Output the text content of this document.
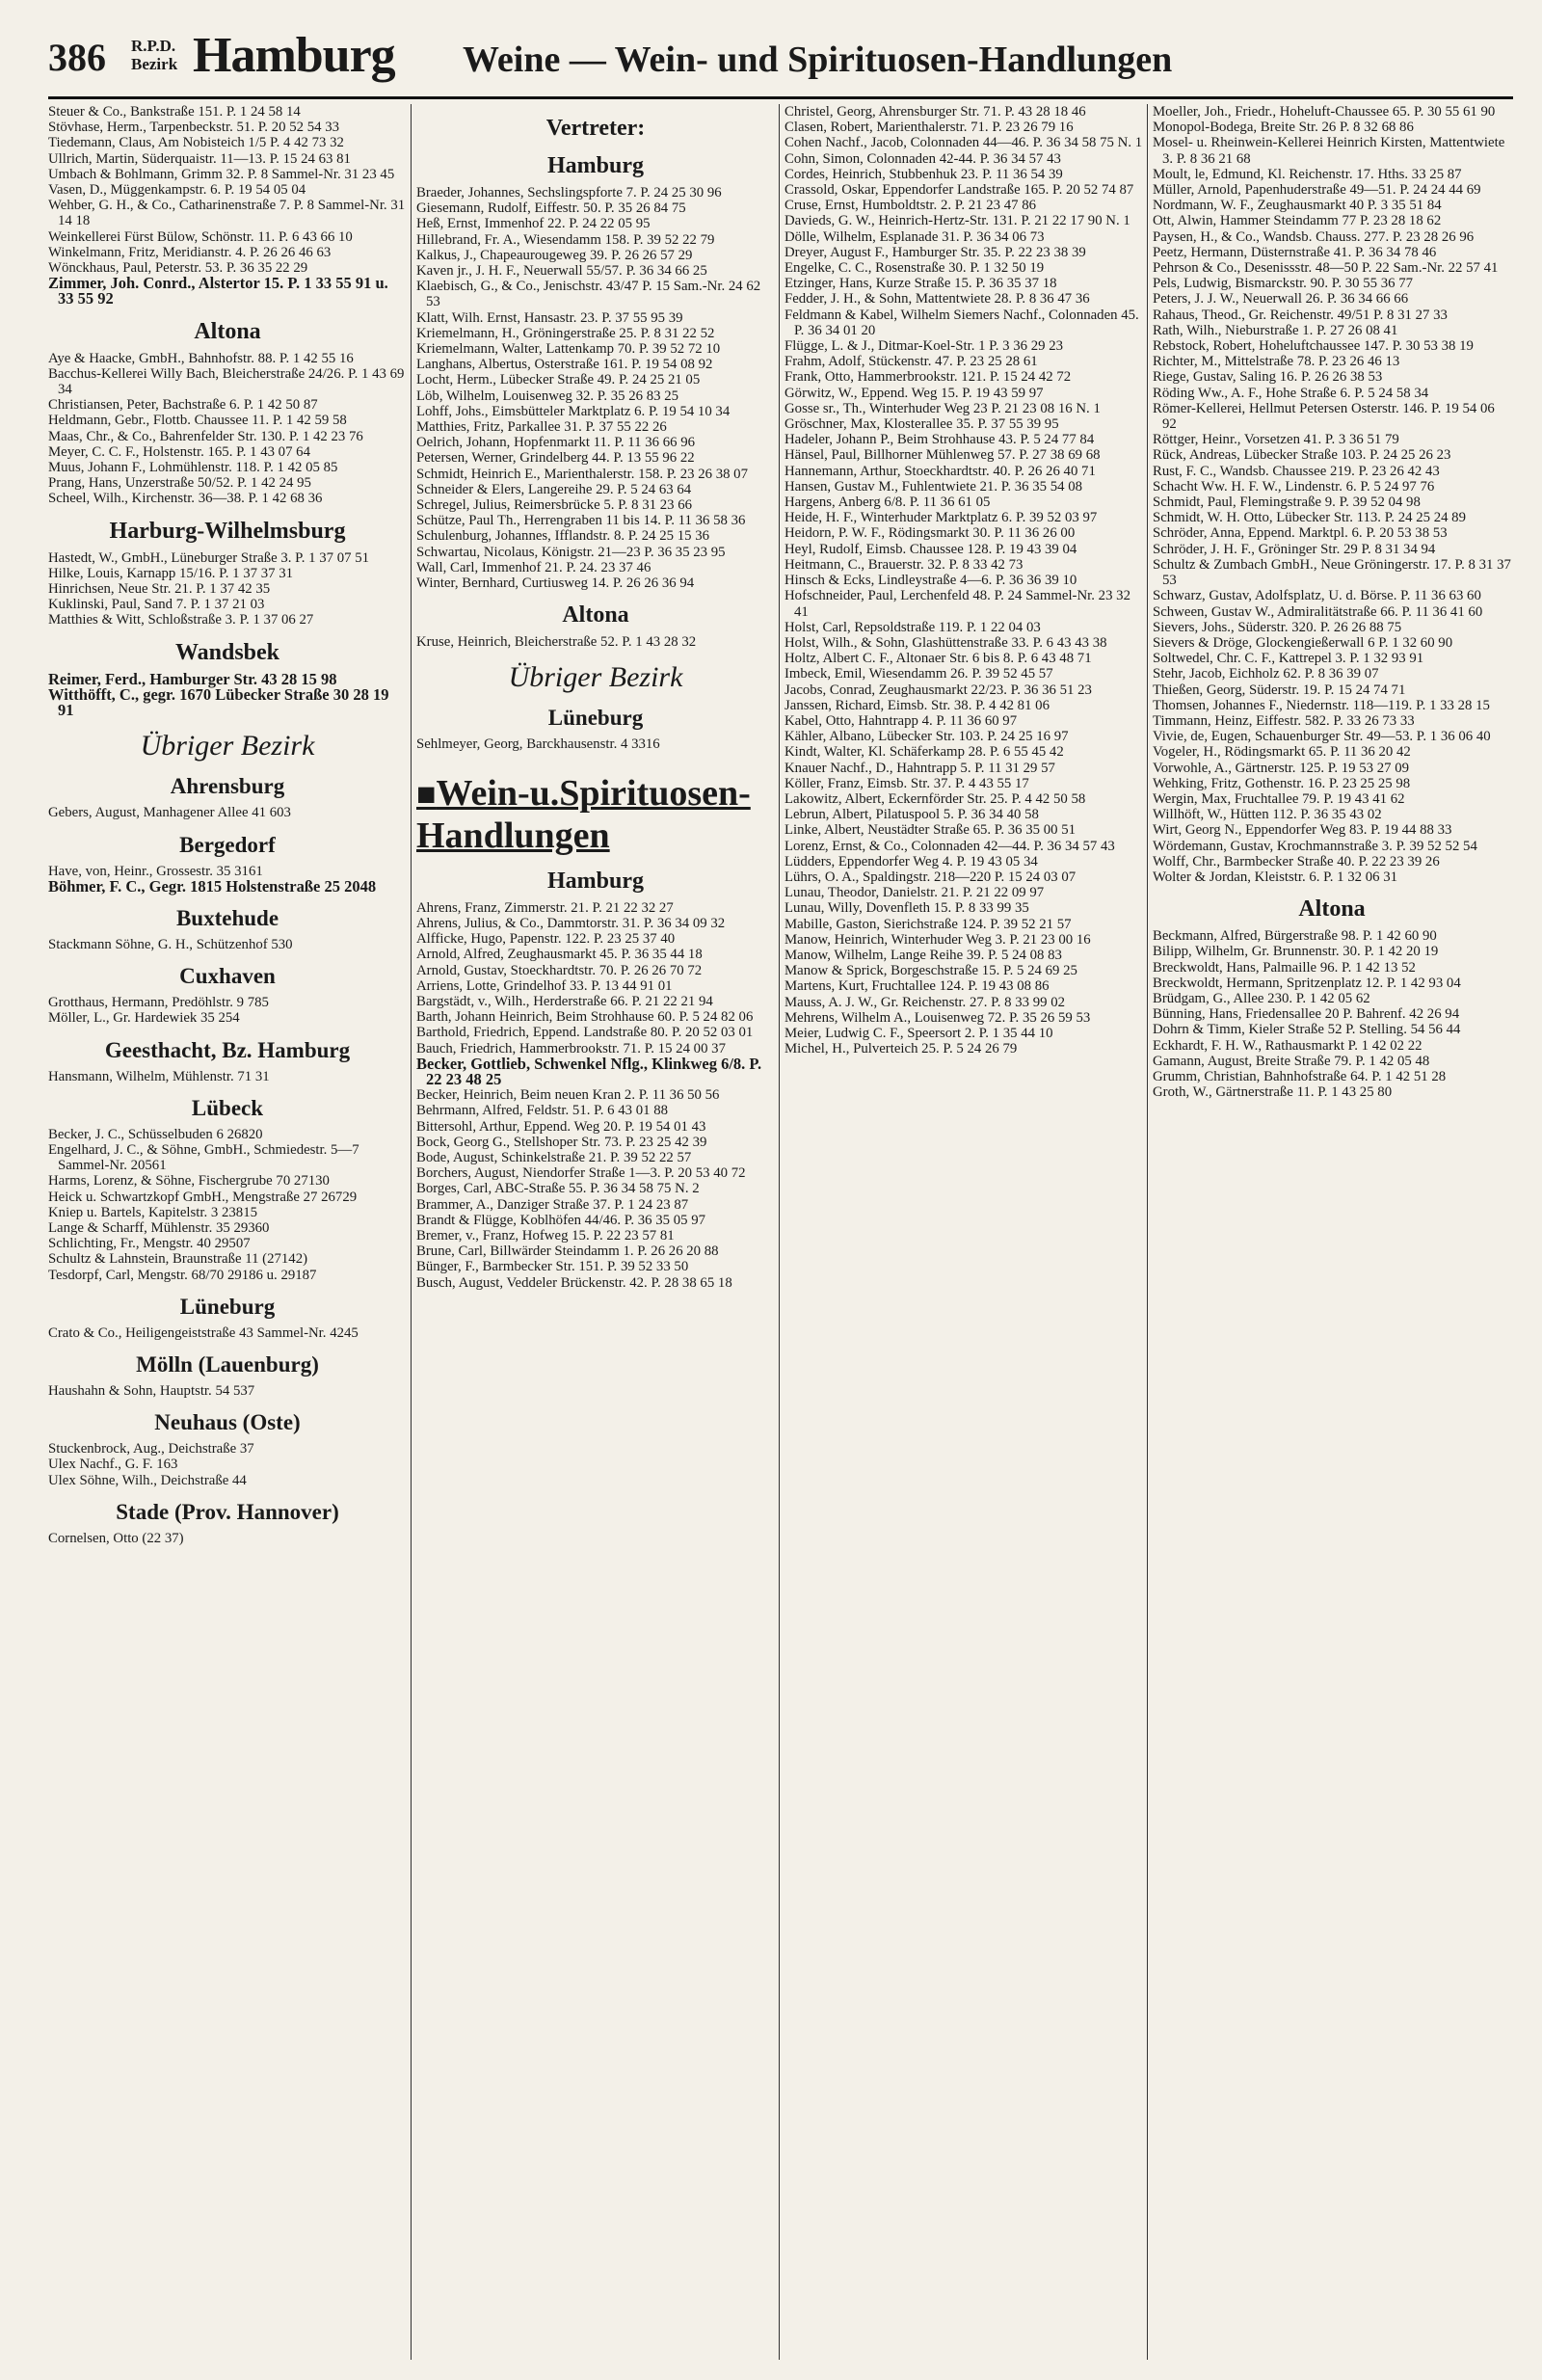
386 R.P.D.
Bezirk Hamburg Weine — Wein- und Spirituosen-Handlungen

Steuer & Co., Bankstraße 151. P. 1 24 58 14

Stövhase, Herm., Tarpenbeckstr. 51. P. 20 52 54 33

Tiedemann, Claus, Am Nobisteich 1/5 P. 4 42 73 32

Ullrich, Martin, Süderquaistr. 11—13. P. 15 24 63 81

Umbach & Bohlmann, Grimm 32. P. 8 Sammel-Nr. 31 23 45

Vasen, D., Müggenkampstr. 6. P. 19 54 05 04

Wehber, G. H., & Co., Catharinenstraße 7. P. 8 Sammel-Nr. 31 14 18

Weinkellerei Fürst Bülow, Schönstr. 11. P. 6 43 66 10

Winkelmann, Fritz, Meridianstr. 4. P. 26 26 46 63

Wönckhaus, Paul, Peterstr. 53. P. 36 35 22 29

Zimmer, Joh. Conrd., Alstertor 15. P. 1 33 55 91 u. 33 55 92

Altona

Aye & Haacke, GmbH., Bahnhofstr. 88. P. 1 42 55 16

Bacchus-Kellerei Willy Bach, Bleicherstraße 24/26. P. 1 43 69 34

Christiansen, Peter, Bachstraße 6. P. 1 42 50 87

Heldmann, Gebr., Flottb. Chaussee 11. P. 1 42 59 58

Maas, Chr., & Co., Bahrenfelder Str. 130. P. 1 42 23 76

Meyer, C. C. F., Holstenstr. 165. P. 1 43 07 64

Muus, Johann F., Lohmühlenstr. 118. P. 1 42 05 85

Prang, Hans, Unzerstraße 50/52. P. 1 42 24 95

Scheel, Wilh., Kirchenstr. 36—38. P. 1 42 68 36

Harburg-Wilhelmsburg

Hastedt, W., GmbH., Lüneburger Straße 3. P. 1 37 07 51

Hilke, Louis, Karnapp 15/16. P. 1 37 37 31

Hinrichsen, Neue Str. 21. P. 1 37 42 35

Kuklinski, Paul, Sand 7. P. 1 37 21 03

Matthies & Witt, Schloßstraße 3. P. 1 37 06 27

Wandsbek

Reimer, Ferd., Hamburger Str. 43 28 15 98

Witthöfft, C., gegr. 1670 Lübecker Straße 30 28 19 91

Übriger Bezirk

Ahrensburg

Gebers, August, Manhagener Allee 41 603

Bergedorf

Have, von, Heinr., Grossestr. 35 3161

Böhmer, F. C., Gegr. 1815 Holstenstraße 25 2048

Buxtehude

Stackmann Söhne, G. H., Schützenhof 530

Cuxhaven

Grotthaus, Hermann, Predöhlstr. 9 785

Möller, L., Gr. Hardewiek 35 254

Geesthacht, Bz. Hamburg

Hansmann, Wilhelm, Mühlenstr. 71 31

Lübeck

Becker, J. C., Schüsselbuden 6 26820

Engelhard, J. C., & Söhne, GmbH., Schmiedestr. 5—7 Sammel-Nr. 20561

Harms, Lorenz, & Söhne, Fischergrube 70 27130

Heick u. Schwartzkopf GmbH., Mengstraße 27 26729

Kniep u. Bartels, Kapitelstr. 3 23815

Lange & Scharff, Mühlenstr. 35 29360

Schlichting, Fr., Mengstr. 40 29507

Schultz & Lahnstein, Braunstraße 11 (27142)

Tesdorpf, Carl, Mengstr. 68/70 29186 u. 29187

Lüneburg

Crato & Co., Heiligengeiststraße 43 Sammel-Nr. 4245

Mölln (Lauenburg)

Haushahn & Sohn, Hauptstr. 54 537

Neuhaus (Oste)

Stuckenbrock, Aug., Deichstraße 37

Ulex Nachf., G. F. 163

Ulex Söhne, Wilh., Deichstraße 44

Stade (Prov. Hannover)

Cornelsen, Otto (22 37)

Vertreter:

Hamburg

Braeder, Johannes, Sechslingspforte 7. P. 24 25 30 96

Giesemann, Rudolf, Eiffestr. 50. P. 35 26 84 75

Heß, Ernst, Immenhof 22. P. 24 22 05 95

Hillebrand, Fr. A., Wiesendamm 158. P. 39 52 22 79

Kalkus, J., Chapeaurougeweg 39. P. 26 26 57 29

Kaven jr., J. H. F., Neuerwall 55/57. P. 36 34 66 25

Klaebisch, G., & Co., Jenischstr. 43/47 P. 15 Sam.-Nr. 24 62 53

Klatt, Wilh. Ernst, Hansastr. 23. P. 37 55 95 39

Kriemelmann, H., Gröningerstraße 25. P. 8 31 22 52

Kriemelmann, Walter, Lattenkamp 70. P. 39 52 72 10

Langhans, Albertus, Osterstraße 161. P. 19 54 08 92

Locht, Herm., Lübecker Straße 49. P. 24 25 21 05

Löb, Wilhelm, Louisenweg 32. P. 35 26 83 25

Lohff, Johs., Eimsbütteler Marktplatz 6. P. 19 54 10 34

Matthies, Fritz, Parkallee 31. P. 37 55 22 26

Oelrich, Johann, Hopfenmarkt 11. P. 11 36 66 96

Petersen, Werner, Grindelberg 44. P. 13 55 96 22

Schmidt, Heinrich E., Marienthalerstr. 158. P. 23 26 38 07

Schneider & Elers, Langereihe 29. P. 5 24 63 64

Schregel, Julius, Reimersbrücke 5. P. 8 31 23 66

Schütze, Paul Th., Herrengraben 11 bis 14. P. 11 36 58 36

Schulenburg, Johannes, Ifflandstr. 8. P. 24 25 15 36

Schwartau, Nicolaus, Königstr. 21—23 P. 36 35 23 95

Wall, Carl, Immenhof 21. P. 24. 23 37 46

Winter, Bernhard, Curtiusweg 14. P. 26 26 36 94

Altona

Kruse, Heinrich, Bleicherstraße 52. P. 1 43 28 32

Übriger Bezirk

Lüneburg

Sehlmeyer, Georg, Barckhausenstr. 4 3316

■ Wein-u.Spirituosen-Handlungen

Hamburg

Ahrens, Franz, Zimmerstr. 21. P. 21 22 32 27

Ahrens, Julius, & Co., Dammtorstr. 31. P. 36 34 09 32

Alfficke, Hugo, Papenstr. 122. P. 23 25 37 40

Arnold, Alfred, Zeughausmarkt 45. P. 36 35 44 18

Arnold, Gustav, Stoeckhardtstr. 70. P. 26 26 70 72

Arriens, Lotte, Grindelhof 33. P. 13 44 91 01

Bargstädt, v., Wilh., Herderstraße 66. P. 21 22 21 94

Barth, Johann Heinrich, Beim Strohhause 60. P. 5 24 82 06

Barthold, Friedrich, Eppend. Landstraße 80. P. 20 52 03 01

Bauch, Friedrich, Hammerbrookstr. 71. P. 15 24 00 37

Becker, Gottlieb, Schwenkel Nflg., Klinkweg 6/8. P. 22 23 48 25

Becker, Heinrich, Beim neuen Kran 2. P. 11 36 50 56

Behrmann, Alfred, Feldstr. 51. P. 6 43 01 88

Bittersohl, Arthur, Eppend. Weg 20. P. 19 54 01 43

Bock, Georg G., Stellshoper Str. 73. P. 23 25 42 39

Bode, August, Schinkelstraße 21. P. 39 52 22 57

Borchers, August, Niendorfer Straße 1—3. P. 20 53 40 72

Borges, Carl, ABC-Straße 55. P. 36 34 58 75 N. 2

Brammer, A., Danziger Straße 37. P. 1 24 23 87

Brandt & Flügge, Koblhöfen 44/46. P. 36 35 05 97

Bremer, v., Franz, Hofweg 15. P. 22 23 57 81

Brune, Carl, Billwärder Steindamm 1. P. 26 26 20 88

Bünger, F., Barmbecker Str. 151. P. 39 52 33 50

Busch, August, Veddeler Brückenstr. 42. P. 28 38 65 18

Christel, Georg, Ahrensburger Str. 71. P. 43 28 18 46

Clasen, Robert, Marienthalerstr. 71. P. 23 26 79 16

Cohen Nachf., Jacob, Colonnaden 44—46. P. 36 34 58 75 N. 1

Cohn, Simon, Colonnaden 42-44. P. 36 34 57 43

Cordes, Heinrich, Stubbenhuk 23. P. 11 36 54 39

Crassold, Oskar, Eppendorfer Landstraße 165. P. 20 52 74 87

Cruse, Ernst, Humboldtstr. 2. P. 21 23 47 86

Davieds, G. W., Heinrich-Hertz-Str. 131. P. 21 22 17 90 N. 1

Dölle, Wilhelm, Esplanade 31. P. 36 34 06 73

Dreyer, August F., Hamburger Str. 35. P. 22 23 38 39

Engelke, C. C., Rosenstraße 30. P. 1 32 50 19

Etzinger, Hans, Kurze Straße 15. P. 36 35 37 18

Fedder, J. H., & Sohn, Mattentwiete 28. P. 8 36 47 36

Feldmann & Kabel, Wilhelm Siemers Nachf., Colonnaden 45. P. 36 34 01 20

Flügge, L. & J., Ditmar-Koel-Str. 1 P. 3 36 29 23

Frahm, Adolf, Stückenstr. 47. P. 23 25 28 61

Frank, Otto, Hammerbrookstr. 121. P. 15 24 42 72

Görwitz, W., Eppend. Weg 15. P. 19 43 59 97

Gosse sr., Th., Winterhuder Weg 23 P. 21 23 08 16 N. 1

Gröschner, Max, Klosterallee 35. P. 37 55 39 95

Hadeler, Johann P., Beim Strohhause 43. P. 5 24 77 84

Hänsel, Paul, Billhorner Mühlenweg 57. P. 27 38 69 68

Hannemann, Arthur, Stoeckhardtstr. 40. P. 26 26 40 71

Hansen, Gustav M., Fuhlentwiete 21. P. 36 35 54 08

Hargens, Anberg 6/8. P. 11 36 61 05

Heide, H. F., Winterhuder Marktplatz 6. P. 39 52 03 97

Heidorn, P. W. F., Rödingsmarkt 30. P. 11 36 26 00

Heyl, Rudolf, Eimsb. Chaussee 128. P. 19 43 39 04

Heitmann, C., Brauerstr. 32. P. 8 33 42 73

Hinsch & Ecks, Lindleystraße 4—6. P. 36 36 39 10

Hofschneider, Paul, Lerchenfeld 48. P. 24 Sammel-Nr. 23 32 41

Holst, Carl, Repsoldstraße 119. P. 1 22 04 03

Holst, Wilh., & Sohn, Glashüttenstraße 33. P. 6 43 43 38

Holtz, Albert C. F., Altonaer Str. 6 bis 8. P. 6 43 48 71

Imbeck, Emil, Wiesendamm 26. P. 39 52 45 57

Jacobs, Conrad, Zeughausmarkt 22/23. P. 36 36 51 23

Janssen, Richard, Eimsb. Str. 38. P. 4 42 81 06

Kabel, Otto, Hahntrapp 4. P. 11 36 60 97

Kähler, Albano, Lübecker Str. 103. P. 24 25 16 97

Kindt, Walter, Kl. Schäferkamp 28. P. 6 55 45 42

Knauer Nachf., D., Hahntrapp 5. P. 11 31 29 57

Köller, Franz, Eimsb. Str. 37. P. 4 43 55 17

Lakowitz, Albert, Eckernförder Str. 25. P. 4 42 50 58

Lebrun, Albert, Pilatuspool 5. P. 36 34 40 58

Linke, Albert, Neustädter Straße 65. P. 36 35 00 51

Lorenz, Ernst, & Co., Colonnaden 42—44. P. 36 34 57 43

Lüdders, Eppendorfer Weg 4. P. 19 43 05 34

Lührs, O. A., Spaldingstr. 218—220 P. 15 24 03 07

Lunau, Theodor, Danielstr. 21. P. 21 22 09 97

Lunau, Willy, Dovenfleth 15. P. 8 33 99 35

Mabille, Gaston, Sierichstraße 124. P. 39 52 21 57

Manow, Heinrich, Winterhuder Weg 3. P. 21 23 00 16

Manow, Wilhelm, Lange Reihe 39. P. 5 24 08 83

Manow & Sprick, Borgeschstraße 15. P. 5 24 69 25

Martens, Kurt, Fruchtallee 124. P. 19 43 08 86

Mauss, A. J. W., Gr. Reichenstr. 27. P. 8 33 99 02

Mehrens, Wilhelm A., Louisenweg 72. P. 35 26 59 53

Meier, Ludwig C. F., Speersort 2. P. 1 35 44 10

Michel, H., Pulverteich 25. P. 5 24 26 79

Moeller, Joh., Friedr., Hoheluft-Chaussee 65. P. 30 55 61 90

Monopol-Bodega, Breite Str. 26 P. 8 32 68 86

Mosel- u. Rheinwein-Kellerei Heinrich Kirsten, Mattentwiete 3. P. 8 36 21 68

Moult, le, Edmund, Kl. Reichenstr. 17. Hths. 33 25 87

Müller, Arnold, Papenhuderstraße 49—51. P. 24 24 44 69

Nordmann, W. F., Zeughausmarkt 40 P. 3 35 51 84

Ott, Alwin, Hammer Steindamm 77 P. 23 28 18 62

Paysen, H., & Co., Wandsb. Chauss. 277. P. 23 28 26 96

Peetz, Hermann, Düsternstraße 41. P. 36 34 78 46

Pehrson & Co., Desenissstr. 48—50 P. 22 Sam.-Nr. 22 57 41

Pels, Ludwig, Bismarckstr. 90. P. 30 55 36 77

Peters, J. J. W., Neuerwall 26. P. 36 34 66 66

Rahaus, Theod., Gr. Reichenstr. 49/51 P. 8 31 27 33

Rath, Wilh., Nieburstraße 1. P. 27 26 08 41

Rebstock, Robert, Hoheluftchaussee 147. P. 30 53 38 19

Richter, M., Mittelstraße 78. P. 23 26 46 13

Riege, Gustav, Saling 16. P. 26 26 38 53

Röding Ww., A. F., Hohe Straße 6. P. 5 24 58 34

Römer-Kellerei, Hellmut Petersen Osterstr. 146. P. 19 54 06 92

Röttger, Heinr., Vorsetzen 41. P. 3 36 51 79

Rück, Andreas, Lübecker Straße 103. P. 24 25 26 23

Rust, F. C., Wandsb. Chaussee 219. P. 23 26 42 43

Schacht Ww. H. F. W., Lindenstr. 6. P. 5 24 97 76

Schmidt, Paul, Flemingstraße 9. P. 39 52 04 98

Schmidt, W. H. Otto, Lübecker Str. 113. P. 24 25 24 89

Schröder, Anna, Eppend. Marktpl. 6. P. 20 53 38 53

Schröder, J. H. F., Gröninger Str. 29 P. 8 31 34 94

Schultz & Zumbach GmbH., Neue Gröningerstr. 17. P. 8 31 37 53

Schwarz, Gustav, Adolfsplatz, U. d. Börse. P. 11 36 63 60

Schween, Gustav W., Admiralitätstraße 66. P. 11 36 41 60

Sievers, Johs., Süderstr. 320. P. 26 26 88 75

Sievers & Dröge, Glockengießerwall 6 P. 1 32 60 90

Soltwedel, Chr. C. F., Kattrepel 3. P. 1 32 93 91

Stehr, Jacob, Eichholz 62. P. 8 36 39 07

Thießen, Georg, Süderstr. 19. P. 15 24 74 71

Thomsen, Johannes F., Niedernstr. 118—119. P. 1 33 28 15

Timmann, Heinz, Eiffestr. 582. P. 33 26 73 33

Vivie, de, Eugen, Schauenburger Str. 49—53. P. 1 36 06 40

Vogeler, H., Rödingsmarkt 65. P. 11 36 20 42

Vorwohle, A., Gärtnerstr. 125. P. 19 53 27 09

Wehking, Fritz, Gothenstr. 16. P. 23 25 25 98

Wergin, Max, Fruchtallee 79. P. 19 43 41 62

Willhöft, W., Hütten 112. P. 36 35 43 02

Wirt, Georg N., Eppendorfer Weg 83. P. 19 44 88 33

Wördemann, Gustav, Krochmannstraße 3. P. 39 52 52 54

Wolff, Chr., Barmbecker Straße 40. P. 22 23 39 26

Wolter & Jordan, Kleiststr. 6. P. 1 32 06 31

Altona

Beckmann, Alfred, Bürgerstraße 98. P. 1 42 60 90

Bilipp, Wilhelm, Gr. Brunnenstr. 30. P. 1 42 20 19

Breckwoldt, Hans, Palmaille 96. P. 1 42 13 52

Breckwoldt, Hermann, Spritzenplatz 12. P. 1 42 93 04

Brüdgam, G., Allee 230. P. 1 42 05 62

Bünning, Hans, Friedensallee 20 P. Bahrenf. 42 26 94

Dohrn & Timm, Kieler Straße 52 P. Stelling. 54 56 44

Eckhardt, F. H. W., Rathausmarkt P. 1 42 02 22

Gamann, August, Breite Straße 79. P. 1 42 05 48

Grumm, Christian, Bahnhofstraße 64. P. 1 42 51 28

Groth, W., Gärtnerstraße 11. P. 1 43 25 80
